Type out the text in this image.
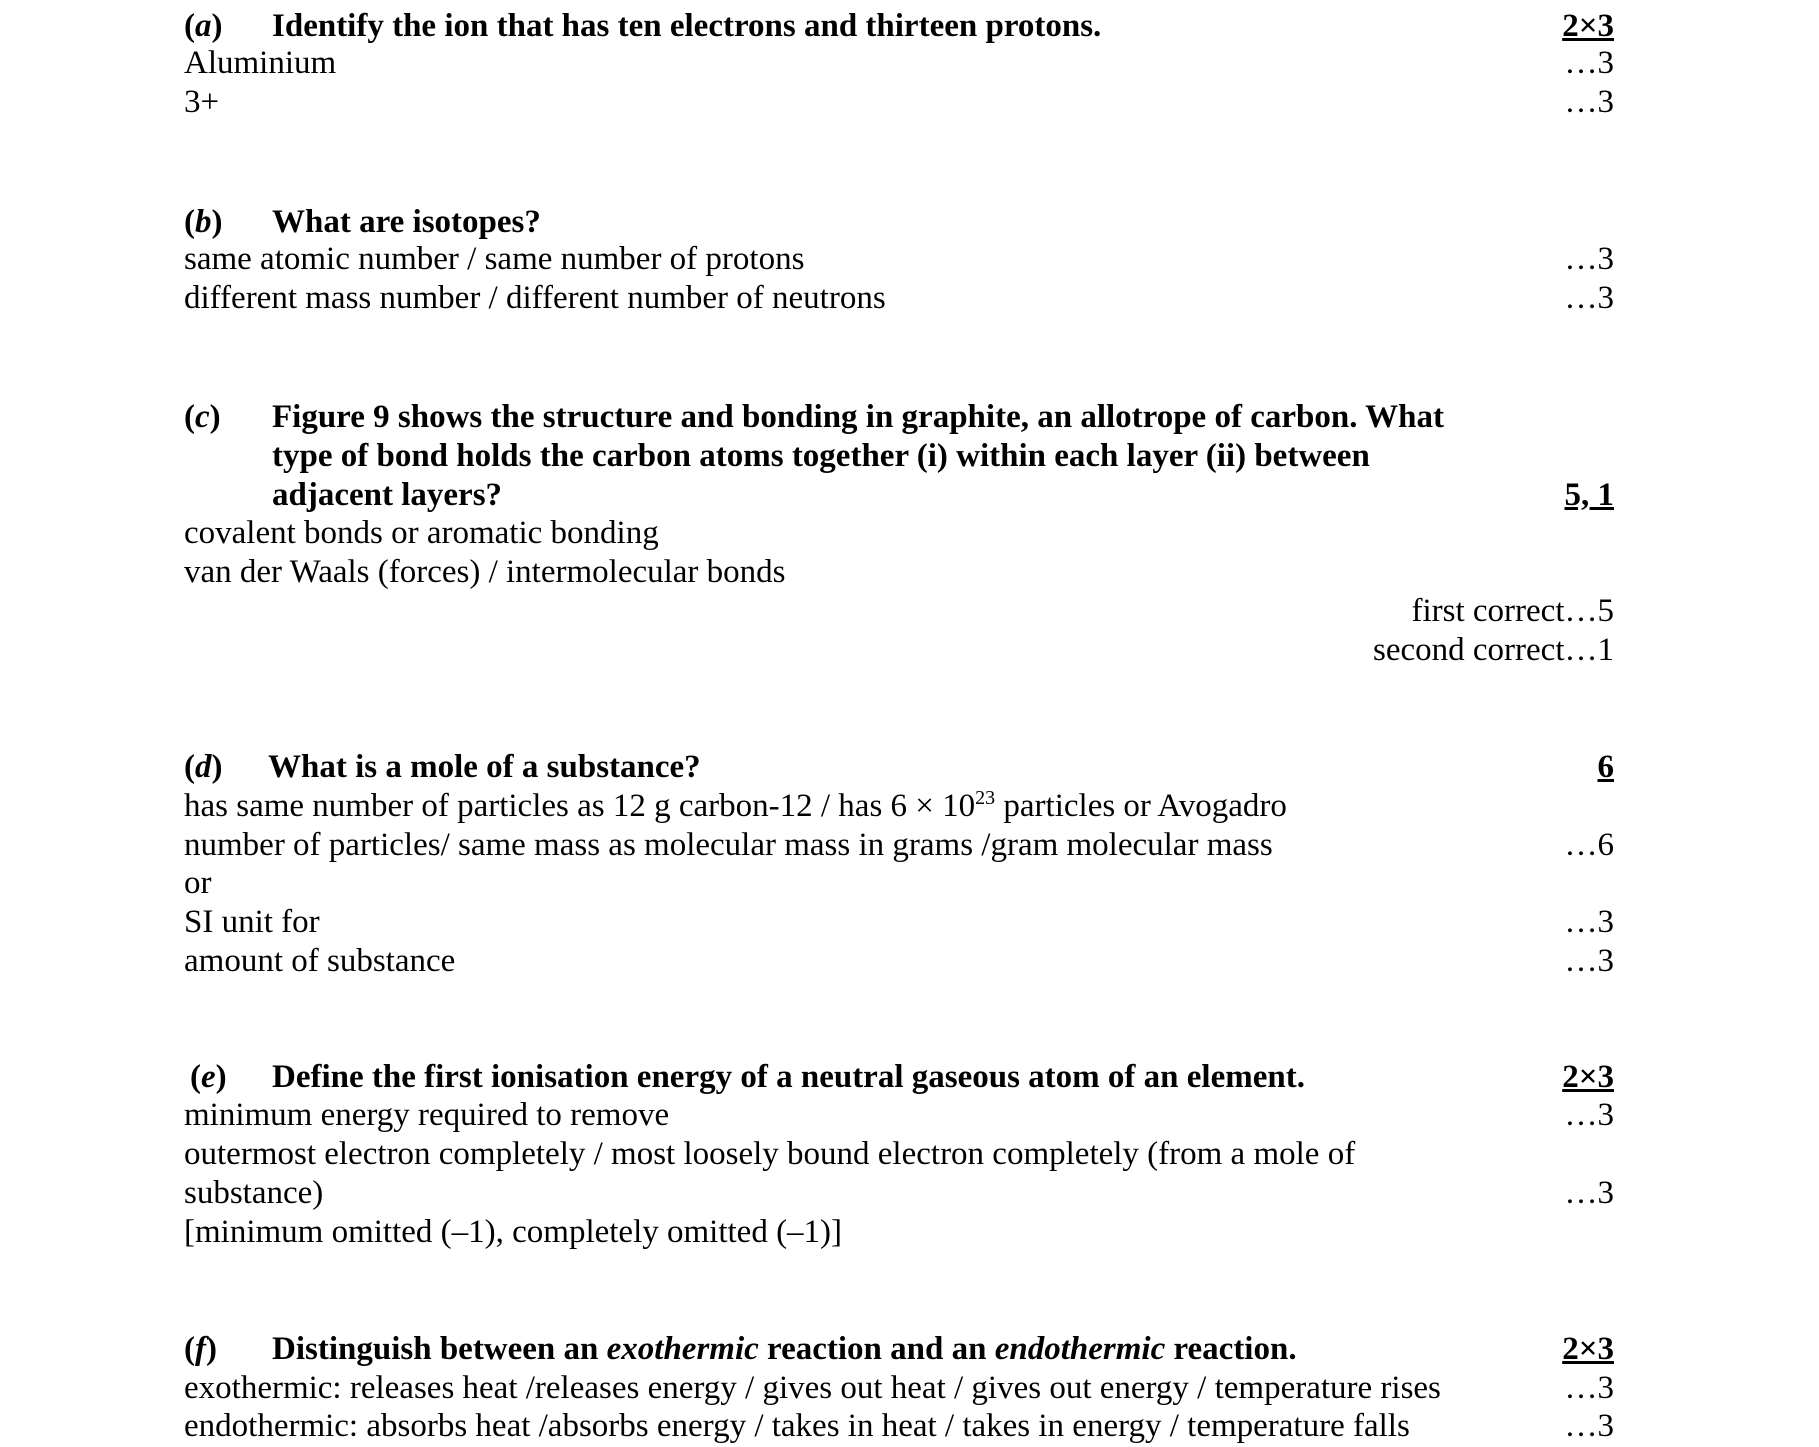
(a) Identify the ion that has ten electrons and thirteen protons.	2×3
Aluminium	…3
3+	…3
(b) What are isotopes?
same atomic number / same number of protons	…3
different mass number / different number of neutrons	…3
(c) Figure 9 shows the structure and bonding in graphite, an allotrope of carbon. What
type of bond holds the carbon atoms together (i) within each layer (ii) between
adjacent layers?	5, 1
covalent bonds or aromatic bonding
van der Waals (forces) / intermolecular bonds
first correct…5
second correct…1
(d) What is a mole of a substance?	6
has same number of particles as 12 g carbon-12 / has $6 \times 10^{23}$ particles or Avogadro
number of particles/ same mass as molecular mass in grams /gram molecular mass	…6
or
SI unit for	…3
amount of substance	…3
(e) Define the first ionisation energy of a neutral gaseous atom of an element.	2×3
minimum energy required to remove	…3
outermost electron completely / most loosely bound electron completely (from a mole of
substance)	…3
[minimum omitted (–1), completely omitted (–1)]
(f) Distinguish between an exothermic reaction and an endothermic reaction.	2×3
exothermic: releases heat /releases energy / gives out heat / gives out energy / temperature rises	…3
endothermic: absorbs heat /absorbs energy / takes in heat / takes in energy / temperature falls	…3
